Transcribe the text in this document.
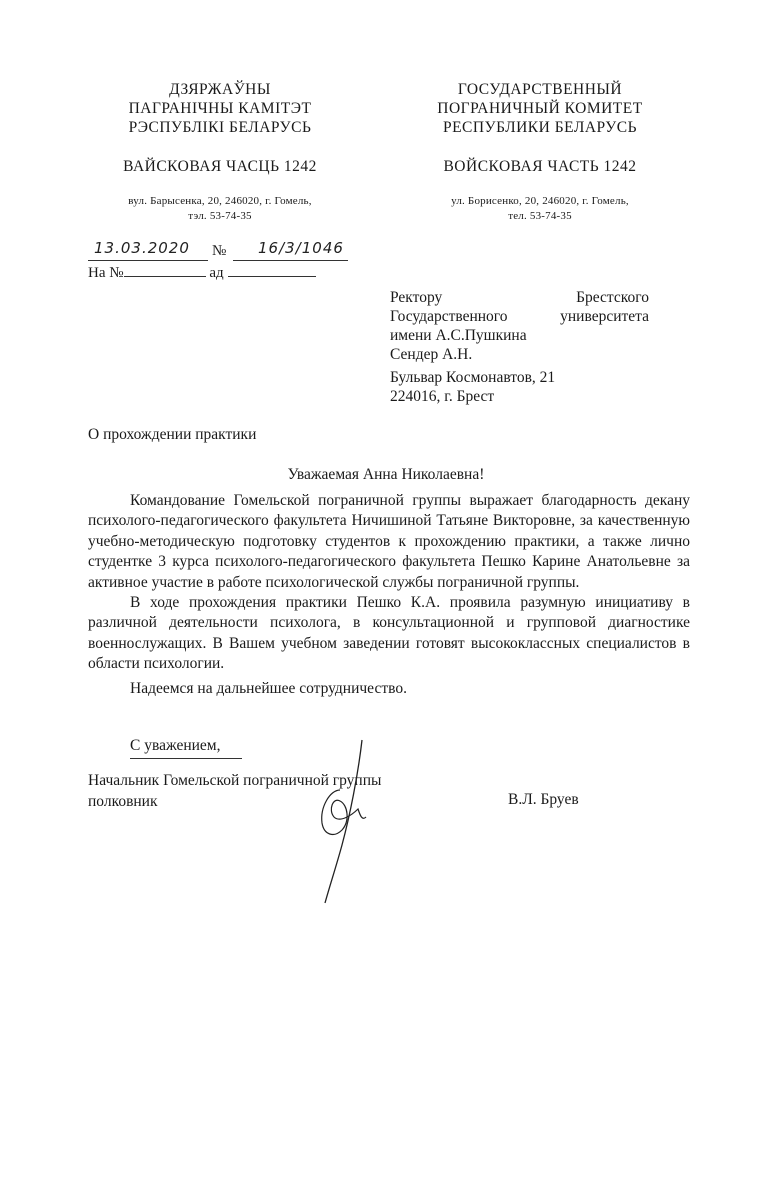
ДЗЯРЖАЎНЫ
ПАГРАНІЧНЫ КАМІТЭТ
РЭСПУБЛІКІ БЕЛАРУСЬ
ВАЙСКОВАЯ ЧАСЦЬ 1242
вул. Барысенка, 20, 246020, г. Гомель,
тэл. 53-74-35
ГОСУДАРСТВЕННЫЙ
ПОГРАНИЧНЫЙ КОМИТЕТ
РЕСПУБЛИКИ БЕЛАРУСЬ
ВОЙСКОВАЯ ЧАСТЬ 1242
ул. Борисенко, 20, 246020, г. Гомель,
тел. 53-74-35
13.03.2020 № 16/3/1046
На №	ад
Ректору	Брестского
Государственного	университета
имени А.С.Пушкина
Сендер А.Н.
Бульвар Космонавтов, 21
224016, г. Брест
О прохождении практики
Уважаемая Анна Николаевна!

Командование Гомельской пограничной группы выражает благодарность декану психолого-педагогического факультета Ничишиной Татьяне Викторовне, за качественную учебно-методическую подготовку студентов к прохождению практики, а также лично студентке 3 курса психолого-педагогического факультета Пешко Карине Анатольевне за активное участие в работе психологической службы пограничной группы.

В ходе прохождения практики Пешко К.А. проявила разумную инициативу в различной деятельности психолога, в консультационной и групповой диагностике военнослужащих. В Вашем учебном заведении готовят высококлассных специалистов в области психологии.

Надеемся на дальнейшее сотрудничество.

С уважением,
Начальник Гомельской пограничной группы
полковник	В.Л. Бруев
